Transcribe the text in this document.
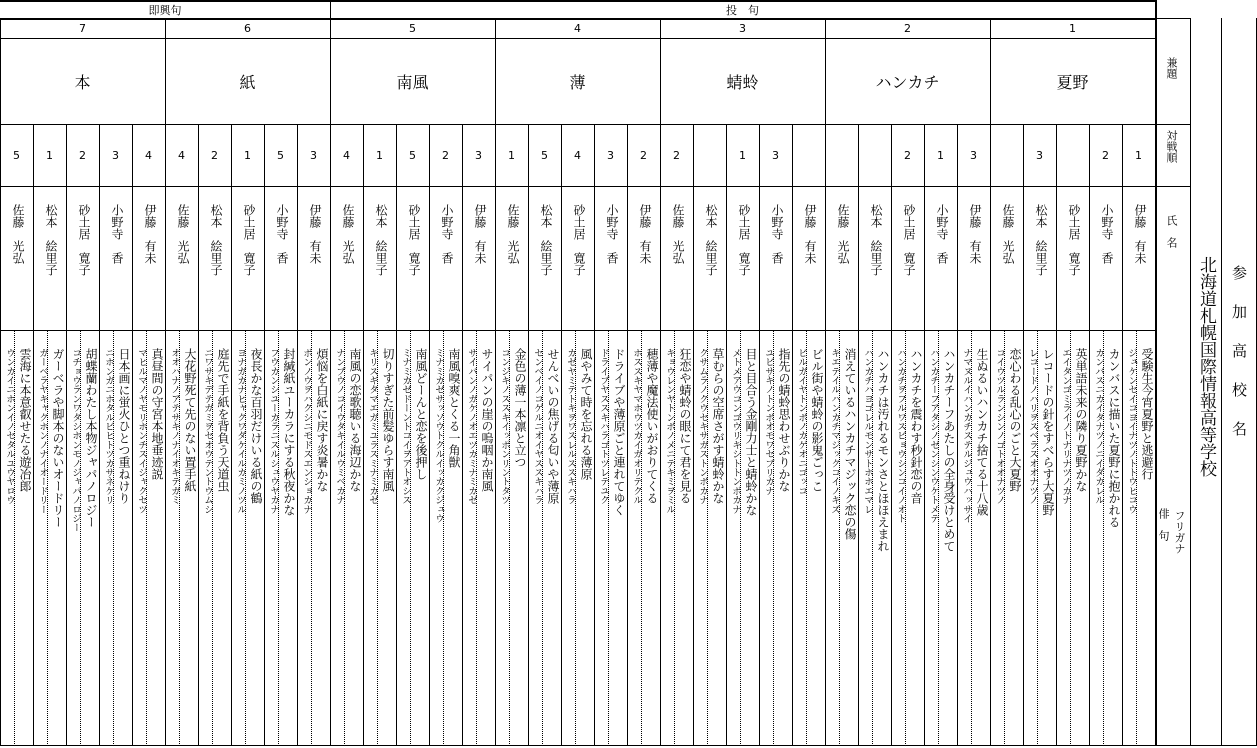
即興句	投　句
兼題
対戦順
氏　名
フリガナ
俳　句
北海道札幌国際情報高等学校 参加高校名
1
夏野
1
伊藤　有未
受験生今宵夏野と逃避行
ジュケンセイコヨイナツノトトウヒコウ
2
小野寺　香
カンバスに描いた夏野に抱かれる
カンバスニカイタナツノニイダカレル
砂土居　寛子
英単語未来の隣り夏野かな
エイタンゴミライノトナリナツノカナ
3
松本　絵里子
レコードの針をすべらす大夏野
レコードノハリヲスベラスオオナツノ
佐藤　光弘
恋心わる乱心のごと大夏野
コイウツルランシンノゴトオオナツノ
2
ハンカチ
3
伊藤　有未
生ぬるいハンカチ捨てる十八歳
ナマヌルイハンカチステルジュウハッサイ
1
小野寺　香
ハンカチーフあたしの全身受けとめて
ハンカチーフアタシノゼンシンウケトメテ
2
砂土居　寛子
ハンカチを震わす秒針恋の音
ハンカチヲフルワスビョウシンコイノオト
松本　絵里子
ハンカチは汚れるモンさとほほえまれ
ハンカチハヨゴレルモンサトホホエマレ
佐藤　光弘
消えているハンカチマジック恋の傷
キエテイルハンカチマジックコイノキズ
3
蜻蛉
伊藤　有未
ビル街や蜻蛉の影鬼ごっこ
ビルガイヤトンボノカゲオニゴッコ
3
小野寺　香
指先の蜻蛉思わせぶりかな
ユビサキノトンボオモワセブリカナ
1
砂土居　寛子
目と目合う金剛力士と蜻蛉かな
メトメアウコンゴウリキシトトンボカナ
松本　絵里子
草むらの空席さがす蜻蛉かな
クサムラノクウセキサガストンボカナ
2
佐藤　光弘
狂恋や蜻蛉の眼にて君を見る
キョウレンヤトンボノメニテキミヲミル
4
薄
2
伊藤　有未
穂薄や魔法使いがおりてくる
ホススキヤマホウツカイガオリテクル
3
小野寺　香
ドライブや薄原ごと連れてゆく
ドライブヤススキハラゴトツレテユク
4
砂土居　寛子
風やみて時を忘れる薄原
カゼヤミテトキヲワスレルススキハラ
5
松本　絵里子
せんべいの焦げる匂いや薄原
センベイノコゲルニオイヤススキハラ
1
佐藤　光弘
金色の薄一本凛と立つ
コンジキノススキイッポンリントタツ
5
南風
3
伊藤　有未
サイパンの崖の嗚咽か南風
サイパンノガケノオエツカミナミカゼ
2
小野寺　香
南風嗅爽とくる一角獣
ミナミカゼサッソウトクルイッカクジュウ
5
砂土居　寛子
南風どーんと恋を後押し
ミナミカゼドーントコイヲアトオシス
1
松本　絵里子
切りすぎた前髪ゆらす南風
キリスギタマエガミユラスミナミカゼ
4
佐藤　光弘
南風の恋歌聴いる海辺かな
ナンプウノコイウタキイルウミベカナ
6
紙
3
伊藤　有未
煩悩を白紙に戻す炎暑かな
ボンノウヲハクシニモドスエンショカナ
5
小野寺　香
封緘紙ユーカラにする秋夜かな
フウカンシユーカラニスルシュウヤカナ
1
砂土居　寛子
夜長かな百羽だけいる紙の鶴
ヨナガカナヒャクワダケイルカミノツル
2
松本　絵里子
庭先で手紙を背負う天道虫
ニワサキデテガミヲセオウテントウムシ
4
佐藤　光弘
大花野死て先のない置手紙
オオハナノアテサキノナイオキテガミ
7
本
4
伊藤　有未
真昼間の守宮本地垂迹説
マヒルマノヤモリホンチスイジャクセツ
3
小野寺　香
日本画に蛍火ひとつ重ねけり
ニホンガニホタルビヒトツカサネケリ
2
砂土居　寛子
胡蝶蘭わたし本物ジャパノロジー
コチョウランワタシホンモノジャパノロジー
1
松本　絵里子
ガーベラや脚本のないオードリー
ガーベラヤキャクホンノナイオードリー
5
佐藤　光弘
雲海に本意叡せたる遊冶郎
ウンカイニホンイノセタルユウヤロウ
